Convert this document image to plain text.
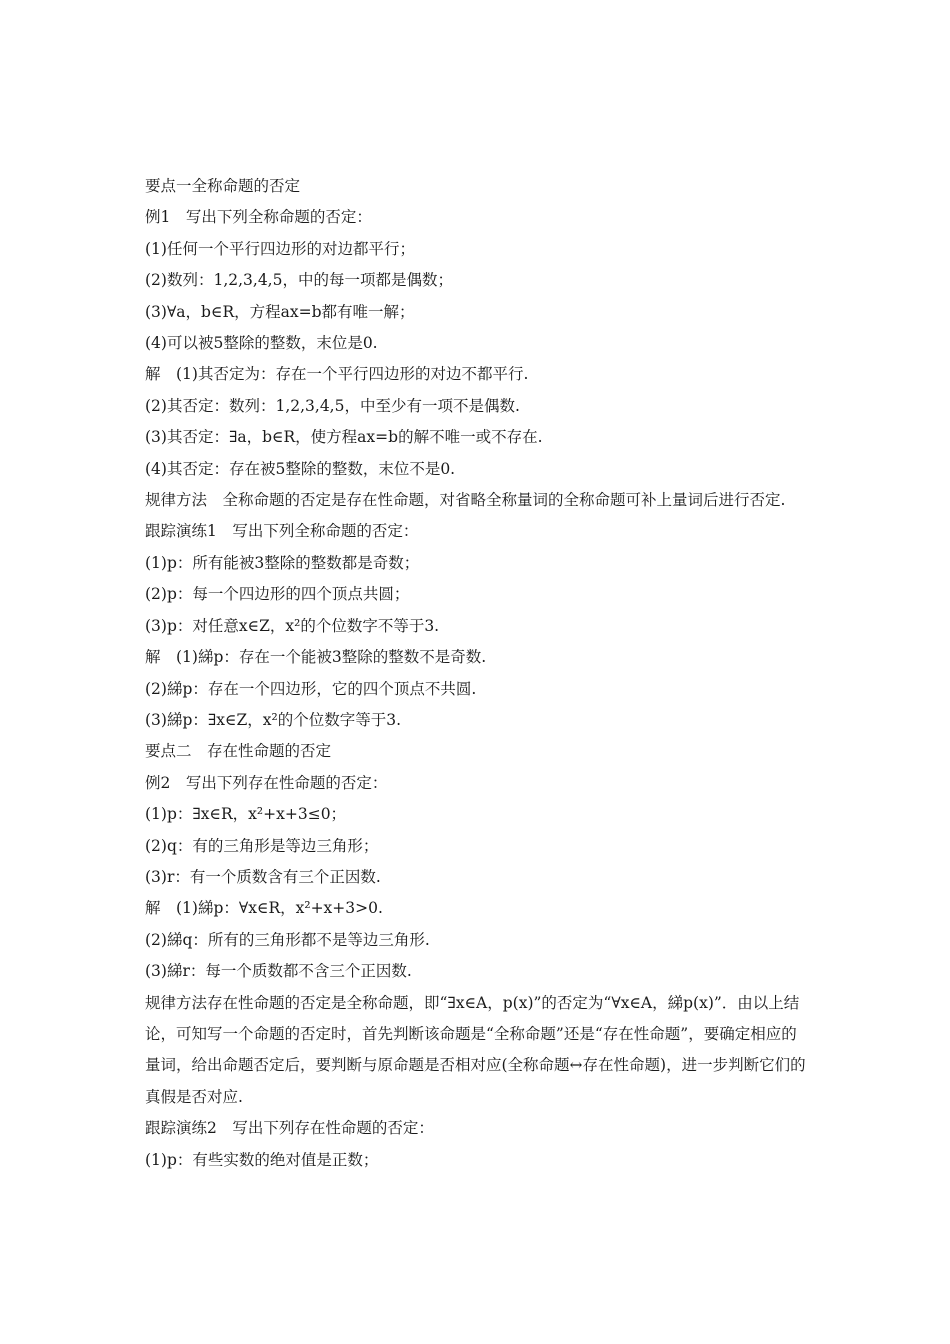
要点一全称命题的否定

例1　写出下列全称命题的否定：

(1)任何一个平行四边形的对边都平行；

(2)数列：1,2,3,4,5，中的每一项都是偶数；

(3)∀a，b∈R，方程ax=b都有唯一解；

(4)可以被5整除的整数，末位是0.

解　(1)其否定为：存在一个平行四边形的对边不都平行.

(2)其否定：数列：1,2,3,4,5，中至少有一项不是偶数.

(3)其否定：∃a，b∈R，使方程ax=b的解不唯一或不存在.

(4)其否定：存在被5整除的整数，末位不是0.

规律方法　全称命题的否定是存在性命题，对省略全称量词的全称命题可补上量词后进行否定.

跟踪演练1　写出下列全称命题的否定：

(1)p：所有能被3整除的整数都是奇数；

(2)p：每一个四边形的四个顶点共圆；

(3)p：对任意x∈Z，x²的个位数字不等于3.

解　(1)綈p：存在一个能被3整除的整数不是奇数.

(2)綈p：存在一个四边形，它的四个顶点不共圆.

(3)綈p：∃x∈Z，x²的个位数字等于3.

要点二　存在性命题的否定

例2　写出下列存在性命题的否定：

(1)p：∃x∈R，x²+x+3≤0；

(2)q：有的三角形是等边三角形；

(3)r：有一个质数含有三个正因数.

解　(1)綈p：∀x∈R，x²+x+3>0.

(2)綈q：所有的三角形都不是等边三角形.

(3)綈r：每一个质数都不含三个正因数.

规律方法存在性命题的否定是全称命题，即“∃x∈A，p(x)”的否定为“∀x∈A，綈p(x)”．由以上结论，可知写一个命题的否定时，首先判断该命题是“全称命题”还是“存在性命题”，要确定相应的量词，给出命题否定后，要判断与原命题是否相对应(全称命题↔存在性命题)，进一步判断它们的真假是否对应.

跟踪演练2　写出下列存在性命题的否定：

(1)p：有些实数的绝对值是正数；
